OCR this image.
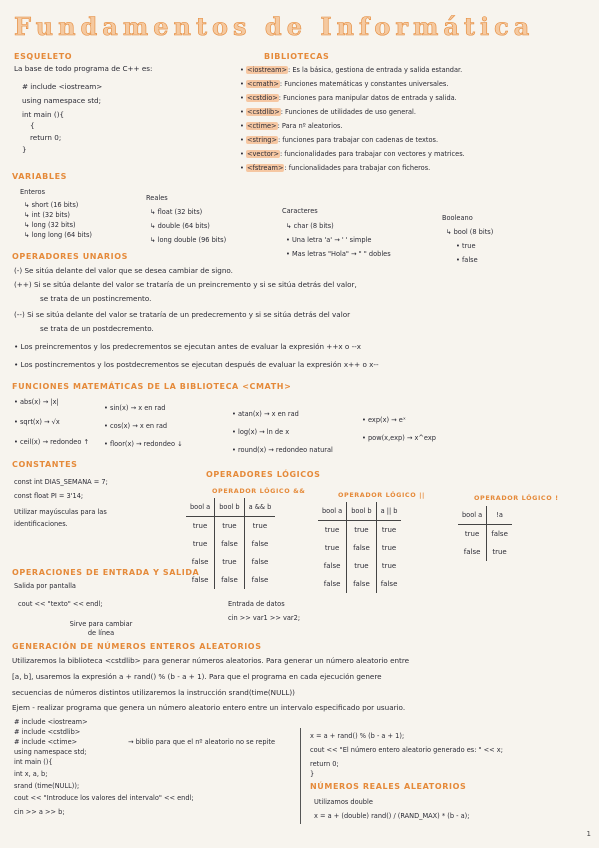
Fundamentos de Informática
ESQUELETO
La base de todo programa de C++ es:
# include <iostream>
using namespace std;
int main (){
{
return 0;
}
BIBLIOTECAS
• <iostream>: Es la básica, gestiona de entrada y salida estandar.
• <cmath>: Funciones matemáticas y constantes universales.
• <cstdio>: Funciones para manipular datos de entrada y salida.
• <cstdlib>: Funciones de utilidades de uso general.
• <ctime>: Para nº aleatorios.
• <string>: funciones para trabajar con cadenas de textos.
• <vector>: funcionalidades para trabajar con vectores y matrices.
• <fstream>: funcionalidades para trabajar con ficheros.
VARIABLES
Enteros
↳ short (16 bits)
↳ int (32 bits)
↳ long (32 bits)
↳ long long (64 bits)
Reales
↳ float (32 bits)
↳ double (64 bits)
↳ long double (96 bits)
Caracteres
↳ char (8 bits)
• Una letra 'a' → ' ' simple
• Mas letras "Hola" → " " dobles
Booleano
↳ bool (8 bits)
• true
• false
OPERADORES UNARIOS
(-) Se sitúa delante del valor que se desea cambiar de signo.
(++) Si se sitúa delante del valor se trataría de un preincremento y si se sitúa detrás del valor,
se trata de un postincremento.
(--) Si se sitúa delante del valor se trataría de un predecremento y si se sitúa detrás del valor
se trata de un postdecremento.
• Los preincrementos y los predecrementos se ejecutan antes de evaluar la expresión ++x o --x
• Los postincrementos y los postdecrementos se ejecutan después de evaluar la expresión x++ o x--
FUNCIONES MATEMÁTICAS DE LA BIBLIOTECA <CMATH>
• abs(x) → |x|
• sqrt(x) → √x
• ceil(x) → redondeo ↑
• sin(x) → x en rad
• cos(x) → x en rad
• floor(x) → redondeo ↓
• atan(x) → x en rad
• log(x) → ln de x
• round(x) → redondeo natural
• exp(x) → eˣ
• pow(x,exp) → x^exp
CONSTANTES
const int DIAS_SEMANA = 7;
const float PI = 3'14;
Utilizar mayúsculas para las
identificaciones.
OPERADORES LÓGICOS
OPERADOR LÓGICO &&
bool a	bool b	a && b
true	true	true
true	false	false
false	true	false
false	false	false
OPERADOR LÓGICO ||
bool a	bool b	a || b
true	true	true
true	false	true
false	true	true
false	false	false
OPERADOR LÓGICO !
bool a	!a
true	false
false	true
OPERACIONES DE ENTRADA Y SALIDA
Salida por pantalla
cout << "texto" << endl;
Sirve para cambiar de línea
Entrada de datos
cin >> var1 >> var2;
GENERACIÓN DE NÚMEROS ENTEROS ALEATORIOS
Utilizaremos la biblioteca <cstdlib> para generar números aleatorios. Para generar un número aleatorio entre
[a, b], usaremos la expresión a + rand() % (b - a + 1). Para que el programa en cada ejecución genere
secuencias de números distintos utilizaremos la instrucción srand(time(NULL))
Ejem - realizar programa que genera un número aleatorio entero entre un intervalo especificado por usuario.
# include <iostream>
# include <cstdlib>
# include <ctime>
using namespace std;
int main (){
int x, a, b;
srand (time(NULL));
cout << "Introduce los valores del intervalo" << endl;
cin >> a >> b;
→ biblio para que el nº aleatorio no se repite
x = a + rand() % (b - a + 1);
cout << "El número entero aleatorio generado es: " << x;
return 0;
}
NÚMEROS REALES ALEATORIOS
Utilizamos double
x = a + (double) rand() / (RAND_MAX) * (b - a);
1
